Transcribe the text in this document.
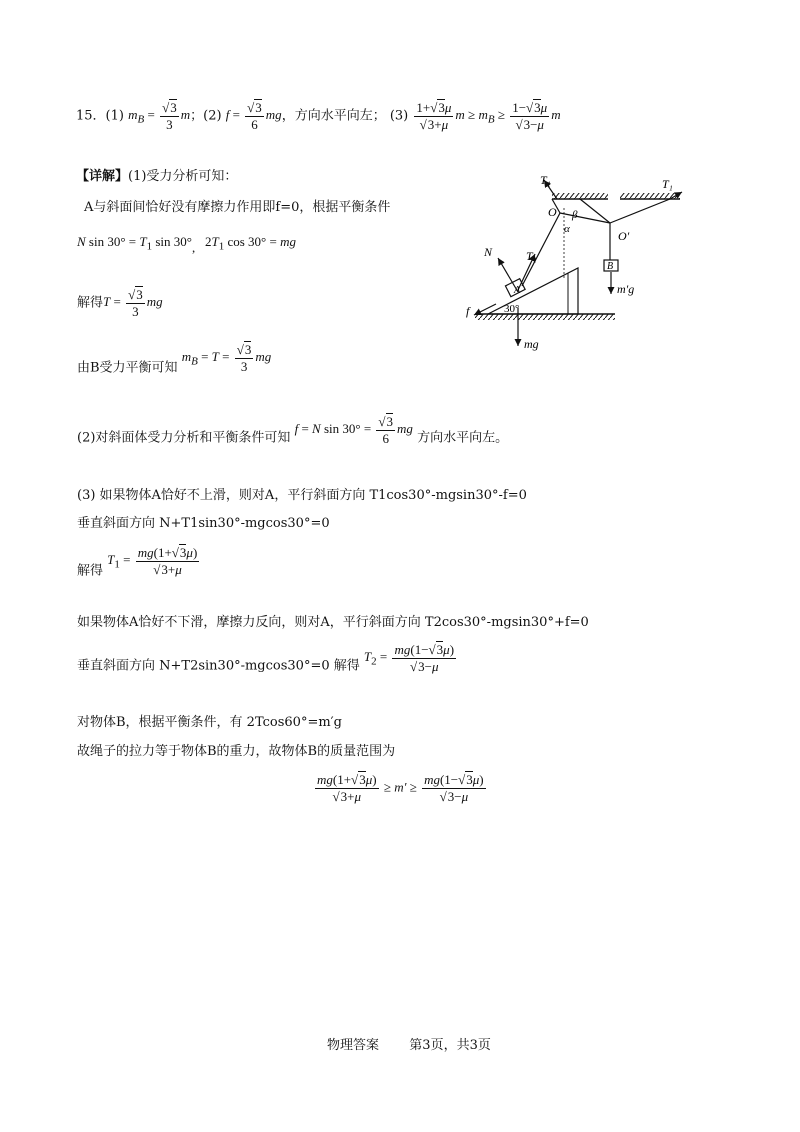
15．(1) $m_B = \frac{√3}{3}$ m；(2) $f = \frac{√3}{6}$ mg，方向水平向左； $(3) \frac{1+√3\mu}{√3+\mu}$ $m \ge m_B \ge \frac{1-√3\mu}{√3-\mu}$ m
【详解】(1)受力分析可知：
A与斜面间恰好没有摩擦力作用即f=0，根据平衡条件
N $\sin 30^\circ = T_1$ sin 30°,   $2T_1$ cos 30° = mg
解得$T = \frac{√3}{3}$ mg
由B受力平衡可知 $m_B = T = \frac{√3}{3}$ mg
(2)对斜面体受力分析和平衡条件可知 f = N $\sin 30^\circ = \frac{√3}{6}$ mg 方向水平向左。
(3) 如果物体A恰好不上滑，则对A，平行斜面方向 T1cos30°-mgsin30°-f=0
垂直斜面方向 N+T1sin30°-mgcos30°=0
解得 $T_1 = \frac{mg(1+√3\mu)}{√3+\mu}$
如果物体A恰好不下滑，摩擦力反向，则对A，平行斜面方向 T2cos30°-mgsin30°+f=0
垂直斜面方向 N+T2sin30°-mgcos30°=0 解得 $T_2 = \frac{mg(1-√3\mu)}{√3-\mu}$
对物体B，根据平衡条件，有 2Tcos60°=m′g
故绳子的拉力等于物体B的重力，故物体B的质量范围为
$\frac{mg(1+√3\mu)}{√3+\mu} \ge m' \ge \frac{mg(1-√3\mu)}{√3-\mu}$
T₁	T₁
O β
α	O′
N	T₁
A
B
m′g
30°
f
mg
物理答案 第3页，共3页
